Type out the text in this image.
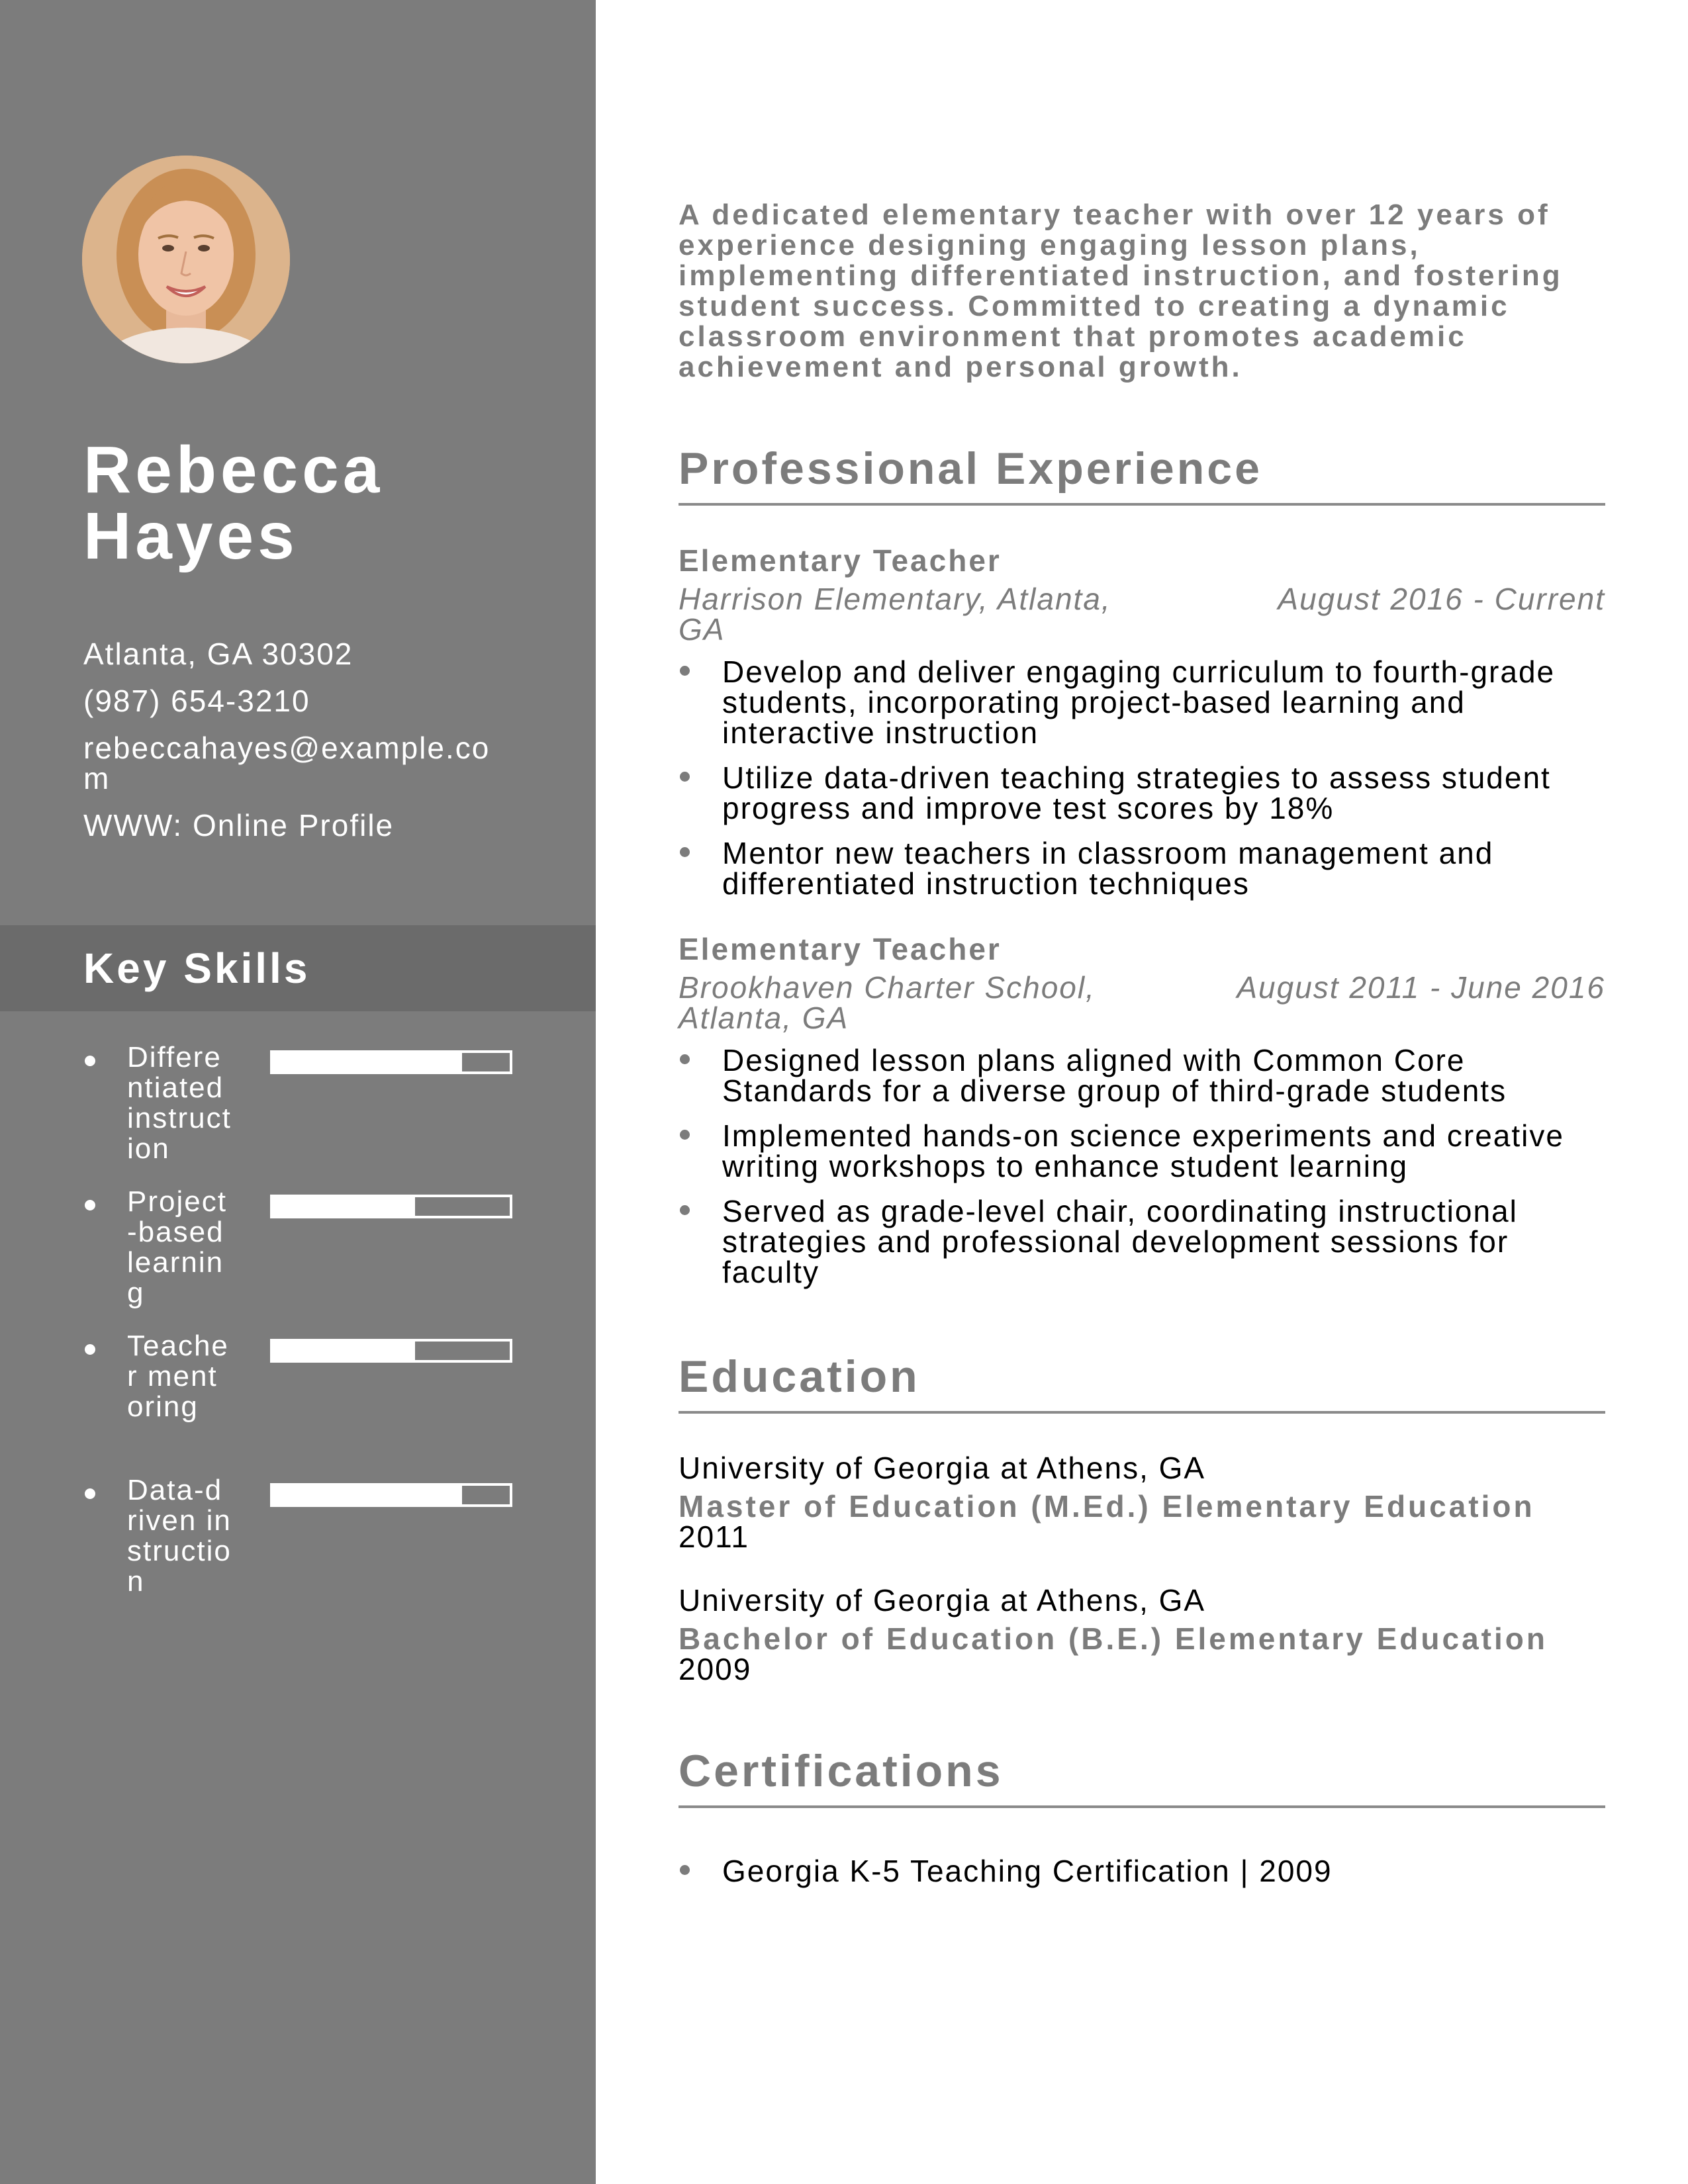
Rebecca
Hayes
Atlanta, GA 30302
(987) 654-3210
rebeccahayes@example.com
WWW: Online Profile
Key Skills
Differentiated instruction
Project-based learning
Teacher mentoring
Data-driven instruction

A dedicated elementary teacher with over 12 years of experience designing engaging lesson plans, implementing differentiated instruction, and fostering student success. Committed to creating a dynamic classroom environment that promotes academic achievement and personal growth.

Professional Experience
Elementary Teacher
Harrison Elementary, Atlanta, GA
August 2016 - Current
Develop and deliver engaging curriculum to fourth-grade students, incorporating project-based learning and interactive instruction
Utilize data-driven teaching strategies to assess student progress and improve test scores by 18%
Mentor new teachers in classroom management and differentiated instruction techniques
Elementary Teacher
Brookhaven Charter School, Atlanta, GA
August 2011 - June 2016
Designed lesson plans aligned with Common Core Standards for a diverse group of third-grade students
Implemented hands-on science experiments and creative writing workshops to enhance student learning
Served as grade-level chair, coordinating instructional strategies and professional development sessions for faculty
Education
University of Georgia at Athens, GA
Master of Education (M.Ed.) Elementary Education
2011
University of Georgia at Athens, GA
Bachelor of Education (B.E.) Elementary Education
2009
Certifications
Georgia K-5 Teaching Certification | 2009
